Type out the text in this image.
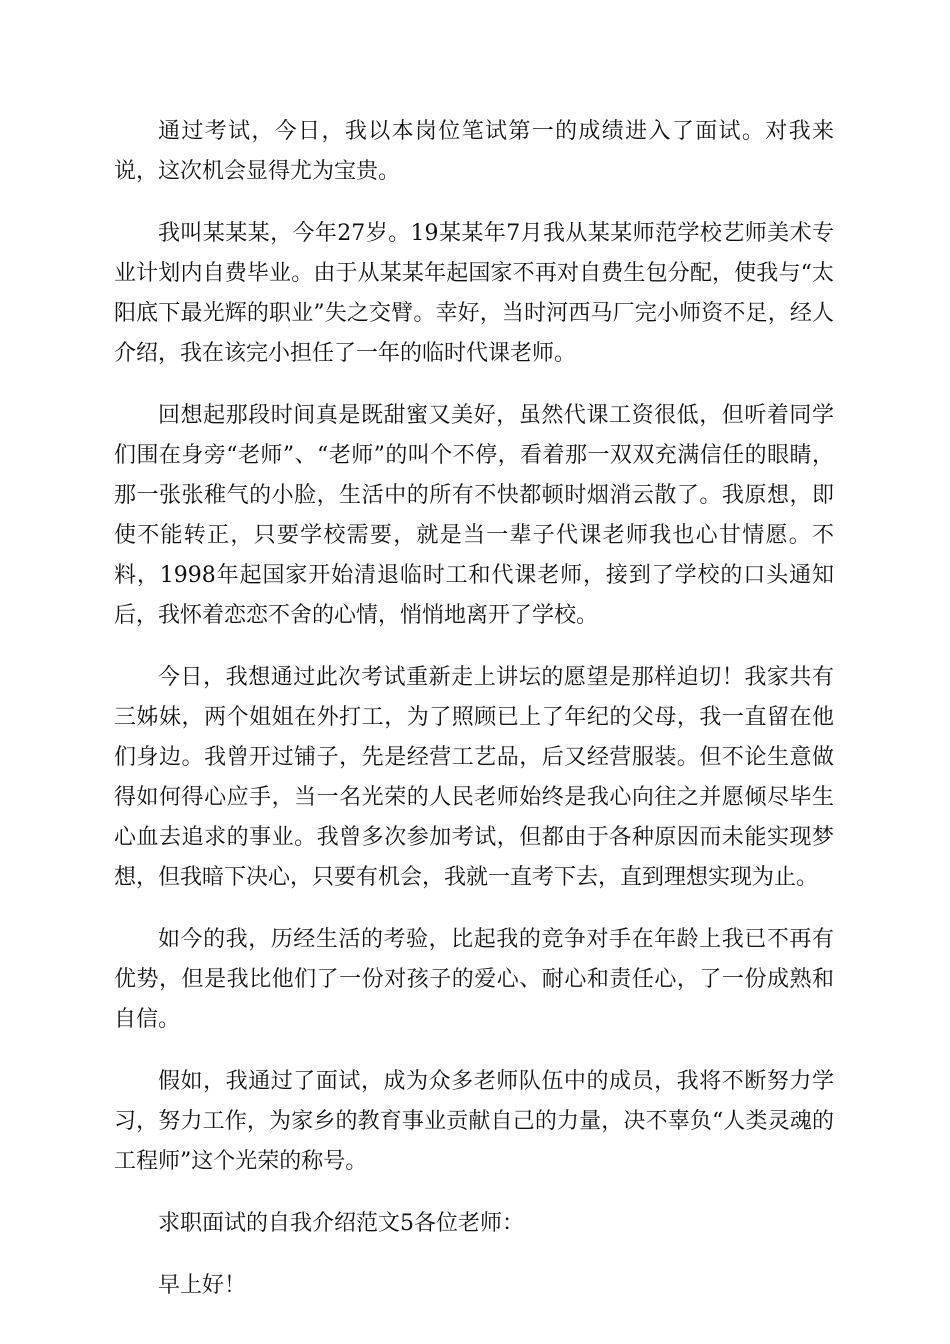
通过考试，今日，我以本岗位笔试第一的成绩进入了面试。对我来说，这次机会显得尤为宝贵。

我叫某某某，今年27岁。19某某年7月我从某某师范学校艺师美术专业计划内自费毕业。由于从某某年起国家不再对自费生包分配，使我与“太阳底下最光辉的职业”失之交臂。幸好，当时河西马厂完小师资不足，经人介绍，我在该完小担任了一年的临时代课老师。

回想起那段时间真是既甜蜜又美好，虽然代课工资很低，但听着同学们围在身旁“老师”、“老师”的叫个不停，看着那一双双充满信任的眼睛，那一张张稚气的小脸，生活中的所有不快都顿时烟消云散了。我原想，即使不能转正，只要学校需要，就是当一辈子代课老师我也心甘情愿。不料，1998年起国家开始清退临时工和代课老师，接到了学校的口头通知后，我怀着恋恋不舍的心情，悄悄地离开了学校。

今日，我想通过此次考试重新走上讲坛的愿望是那样迫切！我家共有三姊妹，两个姐姐在外打工，为了照顾已上了年纪的父母，我一直留在他们身边。我曾开过铺子，先是经营工艺品，后又经营服装。但不论生意做得如何得心应手，当一名光荣的人民老师始终是我心向往之并愿倾尽毕生心血去追求的事业。我曾多次参加考试，但都由于各种原因而未能实现梦想，但我暗下决心，只要有机会，我就一直考下去，直到理想实现为止。

如今的我，历经生活的考验，比起我的竞争对手在年龄上我已不再有优势，但是我比他们了一份对孩子的爱心、耐心和责任心，了一份成熟和自信。

假如，我通过了面试，成为众多老师队伍中的成员，我将不断努力学习，努力工作，为家乡的教育事业贡献自己的力量，决不辜负“人类灵魂的工程师”这个光荣的称号。

求职面试的自我介绍范文5各位老师：

早上好！
